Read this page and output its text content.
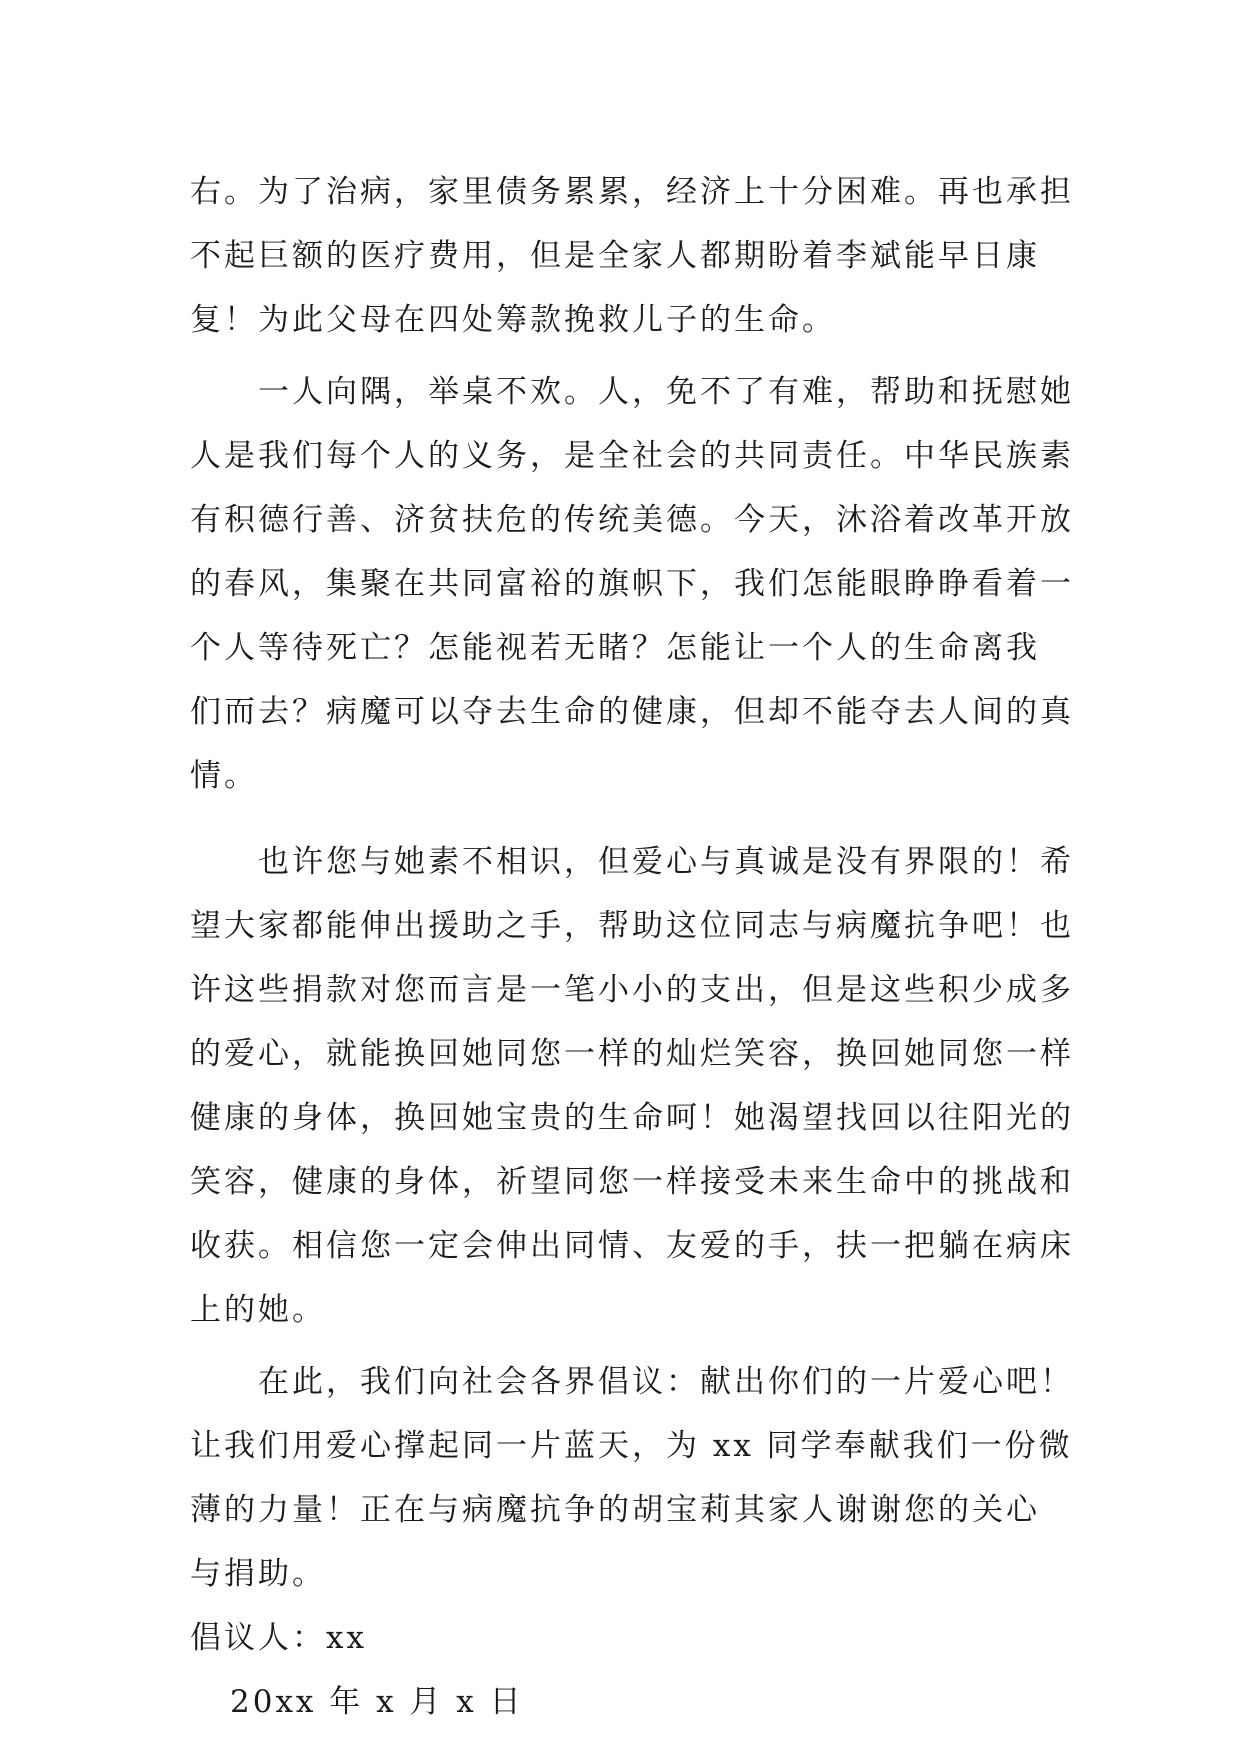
右。为了治病，家里债务累累，经济上十分困难。再也承担
不起巨额的医疗费用，但是全家人都期盼着李斌能早日康
复！为此父母在四处筹款挽救儿子的生命。
一人向隅，举桌不欢。人，免不了有难，帮助和抚慰她
人是我们每个人的义务，是全社会的共同责任。中华民族素
有积德行善、济贫扶危的传统美德。今天，沐浴着改革开放
的春风，集聚在共同富裕的旗帜下，我们怎能眼睁睁看着一
个人等待死亡？怎能视若无睹？怎能让一个人的生命离我
们而去？病魔可以夺去生命的健康，但却不能夺去人间的真
情。
也许您与她素不相识，但爱心与真诚是没有界限的！希
望大家都能伸出援助之手，帮助这位同志与病魔抗争吧！也
许这些捐款对您而言是一笔小小的支出，但是这些积少成多
的爱心，就能换回她同您一样的灿烂笑容，换回她同您一样
健康的身体，换回她宝贵的生命呵！她渴望找回以往阳光的
笑容，健康的身体，祈望同您一样接受未来生命中的挑战和
收获。相信您一定会伸出同情、友爱的手，扶一把躺在病床
上的她。
在此，我们向社会各界倡议：献出你们的一片爱心吧！
让我们用爱心撑起同一片蓝天，为 xx 同学奉献我们一份微
薄的力量！正在与病魔抗争的胡宝莉其家人谢谢您的关心
与捐助。
倡议人：xx
20xx 年 x 月 x 日
